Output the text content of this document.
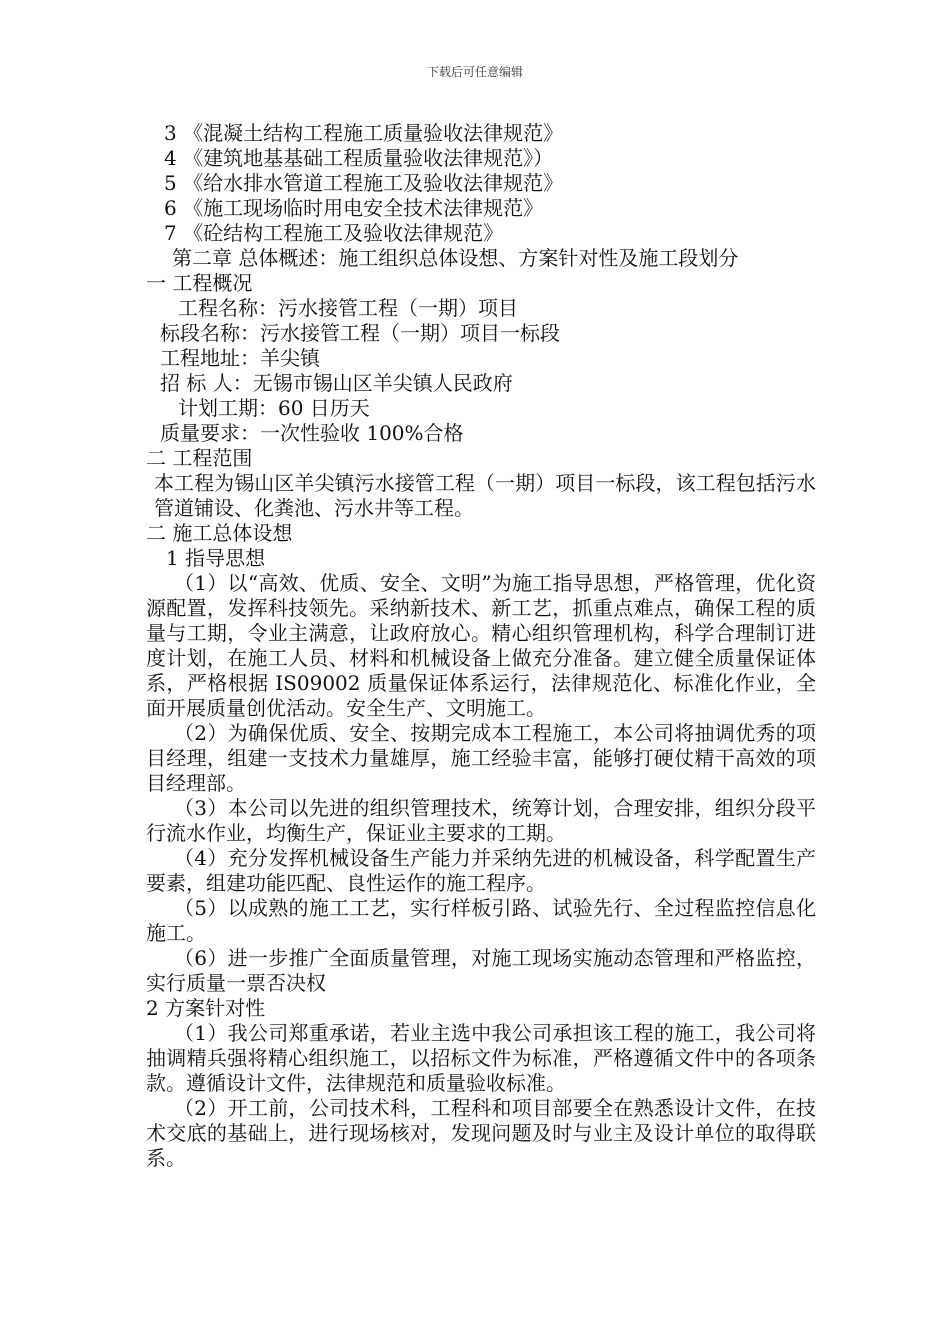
下载后可任意编辑

3 《混凝土结构工程施工质量验收法律规范》

4 《建筑地基基础工程质量验收法律规范》）

5 《给水排水管道工程施工及验收法律规范》

6 《施工现场临时用电安全技术法律规范》

7 《砼结构工程施工及验收法律规范》

第二章 总体概述：施工组织总体设想、方案针对性及施工段划分

一 工程概况

工程名称：污水接管工程（一期）项目

标段名称：污水接管工程（一期）项目一标段

工程地址：羊尖镇

招 标 人：无锡市锡山区羊尖镇人民政府

计划工期：60 日历天

质量要求：一次性验收 100%合格

二 工程范围

本工程为锡山区羊尖镇污水接管工程（一期）项目一标段，该工程包括污水管道铺设、化粪池、污水井等工程。

二 施工总体设想

1 指导思想

（1）以“高效、优质、安全、文明”为施工指导思想，严格管理，优化资源配置，发挥科技领先。采纳新技术、新工艺，抓重点难点，确保工程的质量与工期，令业主满意，让政府放心。精心组织管理机构，科学合理制订进度计划，在施工人员、材料和机械设备上做充分准备。建立健全质量保证体系，严格根据 IS09002 质量保证体系运行，法律规范化、标准化作业，全面开展质量创优活动。安全生产、文明施工。

（2）为确保优质、安全、按期完成本工程施工，本公司将抽调优秀的项目经理，组建一支技术力量雄厚，施工经验丰富，能够打硬仗精干高效的项目经理部。

（3）本公司以先进的组织管理技术，统筹计划，合理安排，组织分段平行流水作业，均衡生产，保证业主要求的工期。

（4）充分发挥机械设备生产能力并采纳先进的机械设备，科学配置生产要素，组建功能匹配、良性运作的施工程序。

（5）以成熟的施工工艺，实行样板引路、试验先行、全过程监控信息化施工。

（6）进一步推广全面质量管理，对施工现场实施动态管理和严格监控，实行质量一票否决权

2 方案针对性

（1）我公司郑重承诺，若业主选中我公司承担该工程的施工，我公司将抽调精兵强将精心组织施工，以招标文件为标准，严格遵循文件中的各项条款。遵循设计文件，法律规范和质量验收标准。

（2）开工前，公司技术科，工程科和项目部要全在熟悉设计文件，在技术交底的基础上，进行现场核对，发现问题及时与业主及设计单位的取得联系。
